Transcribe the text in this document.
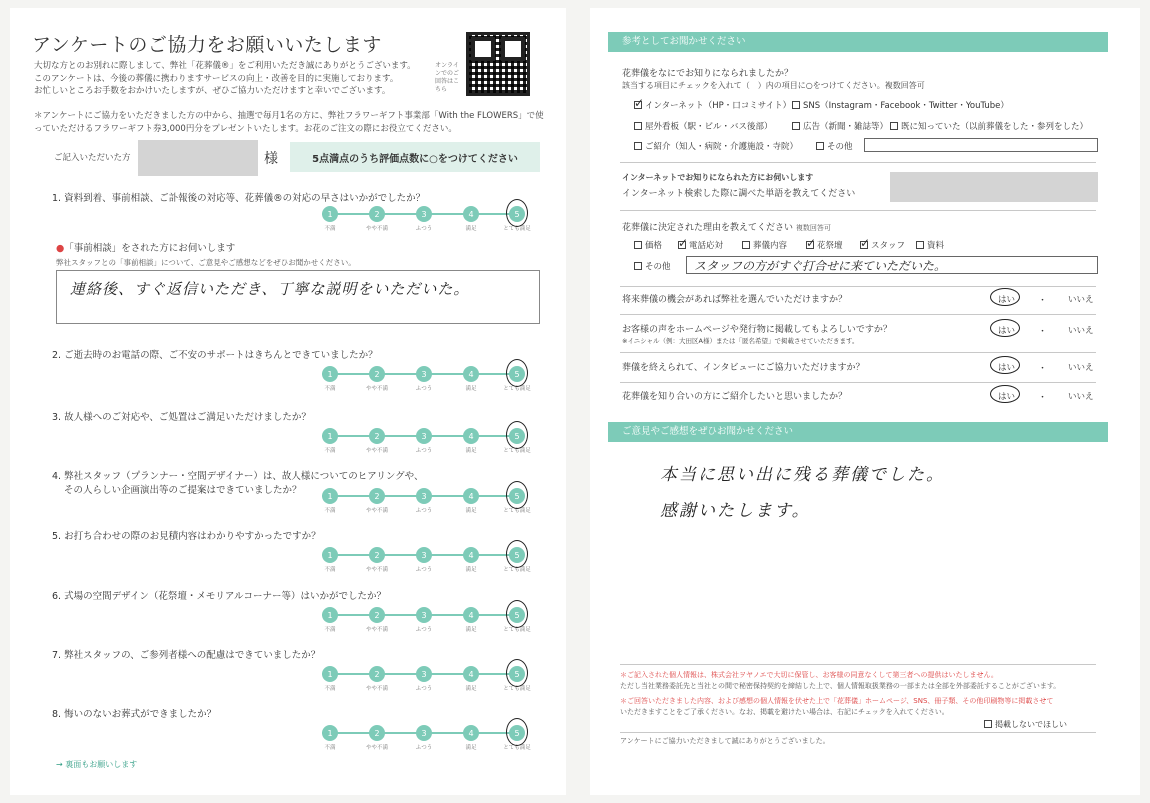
アンケートのご協力をお願いいたします
大切な方とのお別れに際しまして、弊社「花葬儀®」をご利用いただき誠にありがとうございます。
このアンケートは、今後の葬儀に携わりますサービスの向上・改善を目的に実施しております。
お忙しいところお手数をおかけいたしますが、ぜひご協力いただけますと幸いでございます。
オンラインでのご回答はこちら
＊アンケートにご協力をいただきました方の中から、抽選で毎月1名の方に、弊社フラワーギフト事業部「With the FLOWERS」で使っていただけるフラワーギフト券3,000円分をプレゼントいたします。お花のご注文の際にお役立てください。
ご記入いただいた方	様	5点満点のうち評価点数に○をつけてください
1. 資料到着、事前相談、ご訃報後の対応等、花葬儀®の対応の早さはいかがでしたか？
1
不満
2
やや不満
3
ふつう
4
満足
5
とても満足
●「事前相談」をされた方にお伺いします
弊社スタッフとの「事前相談」について、ご意見やご感想などをぜひお聞かせください。
連絡後、すぐ返信いただき、丁寧な説明をいただいた。
2. ご逝去時のお電話の際、ご不安のサポートはきちんとできていましたか？
1
不満
2
やや不満
3
ふつう
4
満足
5
とても満足
3. 故人様へのご対応や、ご処置はご満足いただけましたか？
1
不満
2
やや不満
3
ふつう
4
満足
5
とても満足
4. 弊社スタッフ（プランナー・空間デザイナー）は、故人様についてのヒアリングや、
その人らしい企画演出等のご提案はできていましたか？	1
不満
2
やや不満
3
ふつう
4
満足
5
とても満足
5. お打ち合わせの際のお見積内容はわかりやすかったですか？
1
不満
2
やや不満
3
ふつう
4
満足
5
とても満足
6. 式場の空間デザイン（花祭壇・メモリアルコーナー等）はいかがでしたか？
1
不満
2
やや不満
3
ふつう
4
満足
5
とても満足
7. 弊社スタッフの、ご参列者様への配慮はできていましたか？
1
不満
2
やや不満
3
ふつう
4
満足
5
とても満足
8. 悔いのないお葬式ができましたか？
1
不満
2
やや不満
3
ふつう
4
満足
5
とても満足
→ 裏面もお願いします
参考としてお聞かせください
花葬儀をなにでお知りになられましたか？
該当する項目にチェックを入れて（　）内の項目に○をつけてください。複数回答可
✓ インターネット（HP・口コミサイト）	SNS（Instagram・Facebook・Twitter・YouTube）
屋外看板（駅・ビル・バス後部）	広告（新聞・雑誌等）	既に知っていた（以前葬儀をした・参列をした）
ご紹介（知人・病院・介護施設・寺院）	その他
インターネットでお知りになられた方にお伺いします
インターネット検索した際に調べた単語を教えてください
花葬儀に決定された理由を教えてください 複数回答可
価格 ✓ 電話応対	葬儀内容 ✓ 花祭壇 ✓ スタッフ	資料
その他 スタッフの方がすぐ打合せに来ていただいた。
将来葬儀の機会があれば弊社を選んでいただけますか？	はい	・ いいえ
お客様の声をホームページや発行物に掲載してもよろしいですか？
※イニシャル（例：大田区A様）または「匿名希望」で掲載させていただきます。
はい	・ いいえ
葬儀を終えられて、インタビューにご協力いただけますか？	はい	・ いいえ
花葬儀を知り合いの方にご紹介したいと思いましたか？	はい	・ いいえ
ご意見やご感想をぜひお聞かせください
本当に思い出に残る葬儀でした。
感謝いたします。
＊ご記入された個人情報は、株式会社ヲヤノエで大切に保管し、お客様の同意なくして第三者への提供はいたしません。
ただし当社業務委託先と当社との間で秘密保持契約を締結した上で、個人情報取扱業務の一部または全部を外部委託することがございます。
＊ご回答いただきました内容、および感想の個人情報を伏せた上で「花葬儀」ホームページ、SNS、冊子類、その他印刷物等に掲載させて
いただきますことをご了承ください。なお、掲載を避けたい場合は、右記にチェックを入れてください。
掲載しないでほしい
アンケートにご協力いただきまして誠にありがとうございました。
